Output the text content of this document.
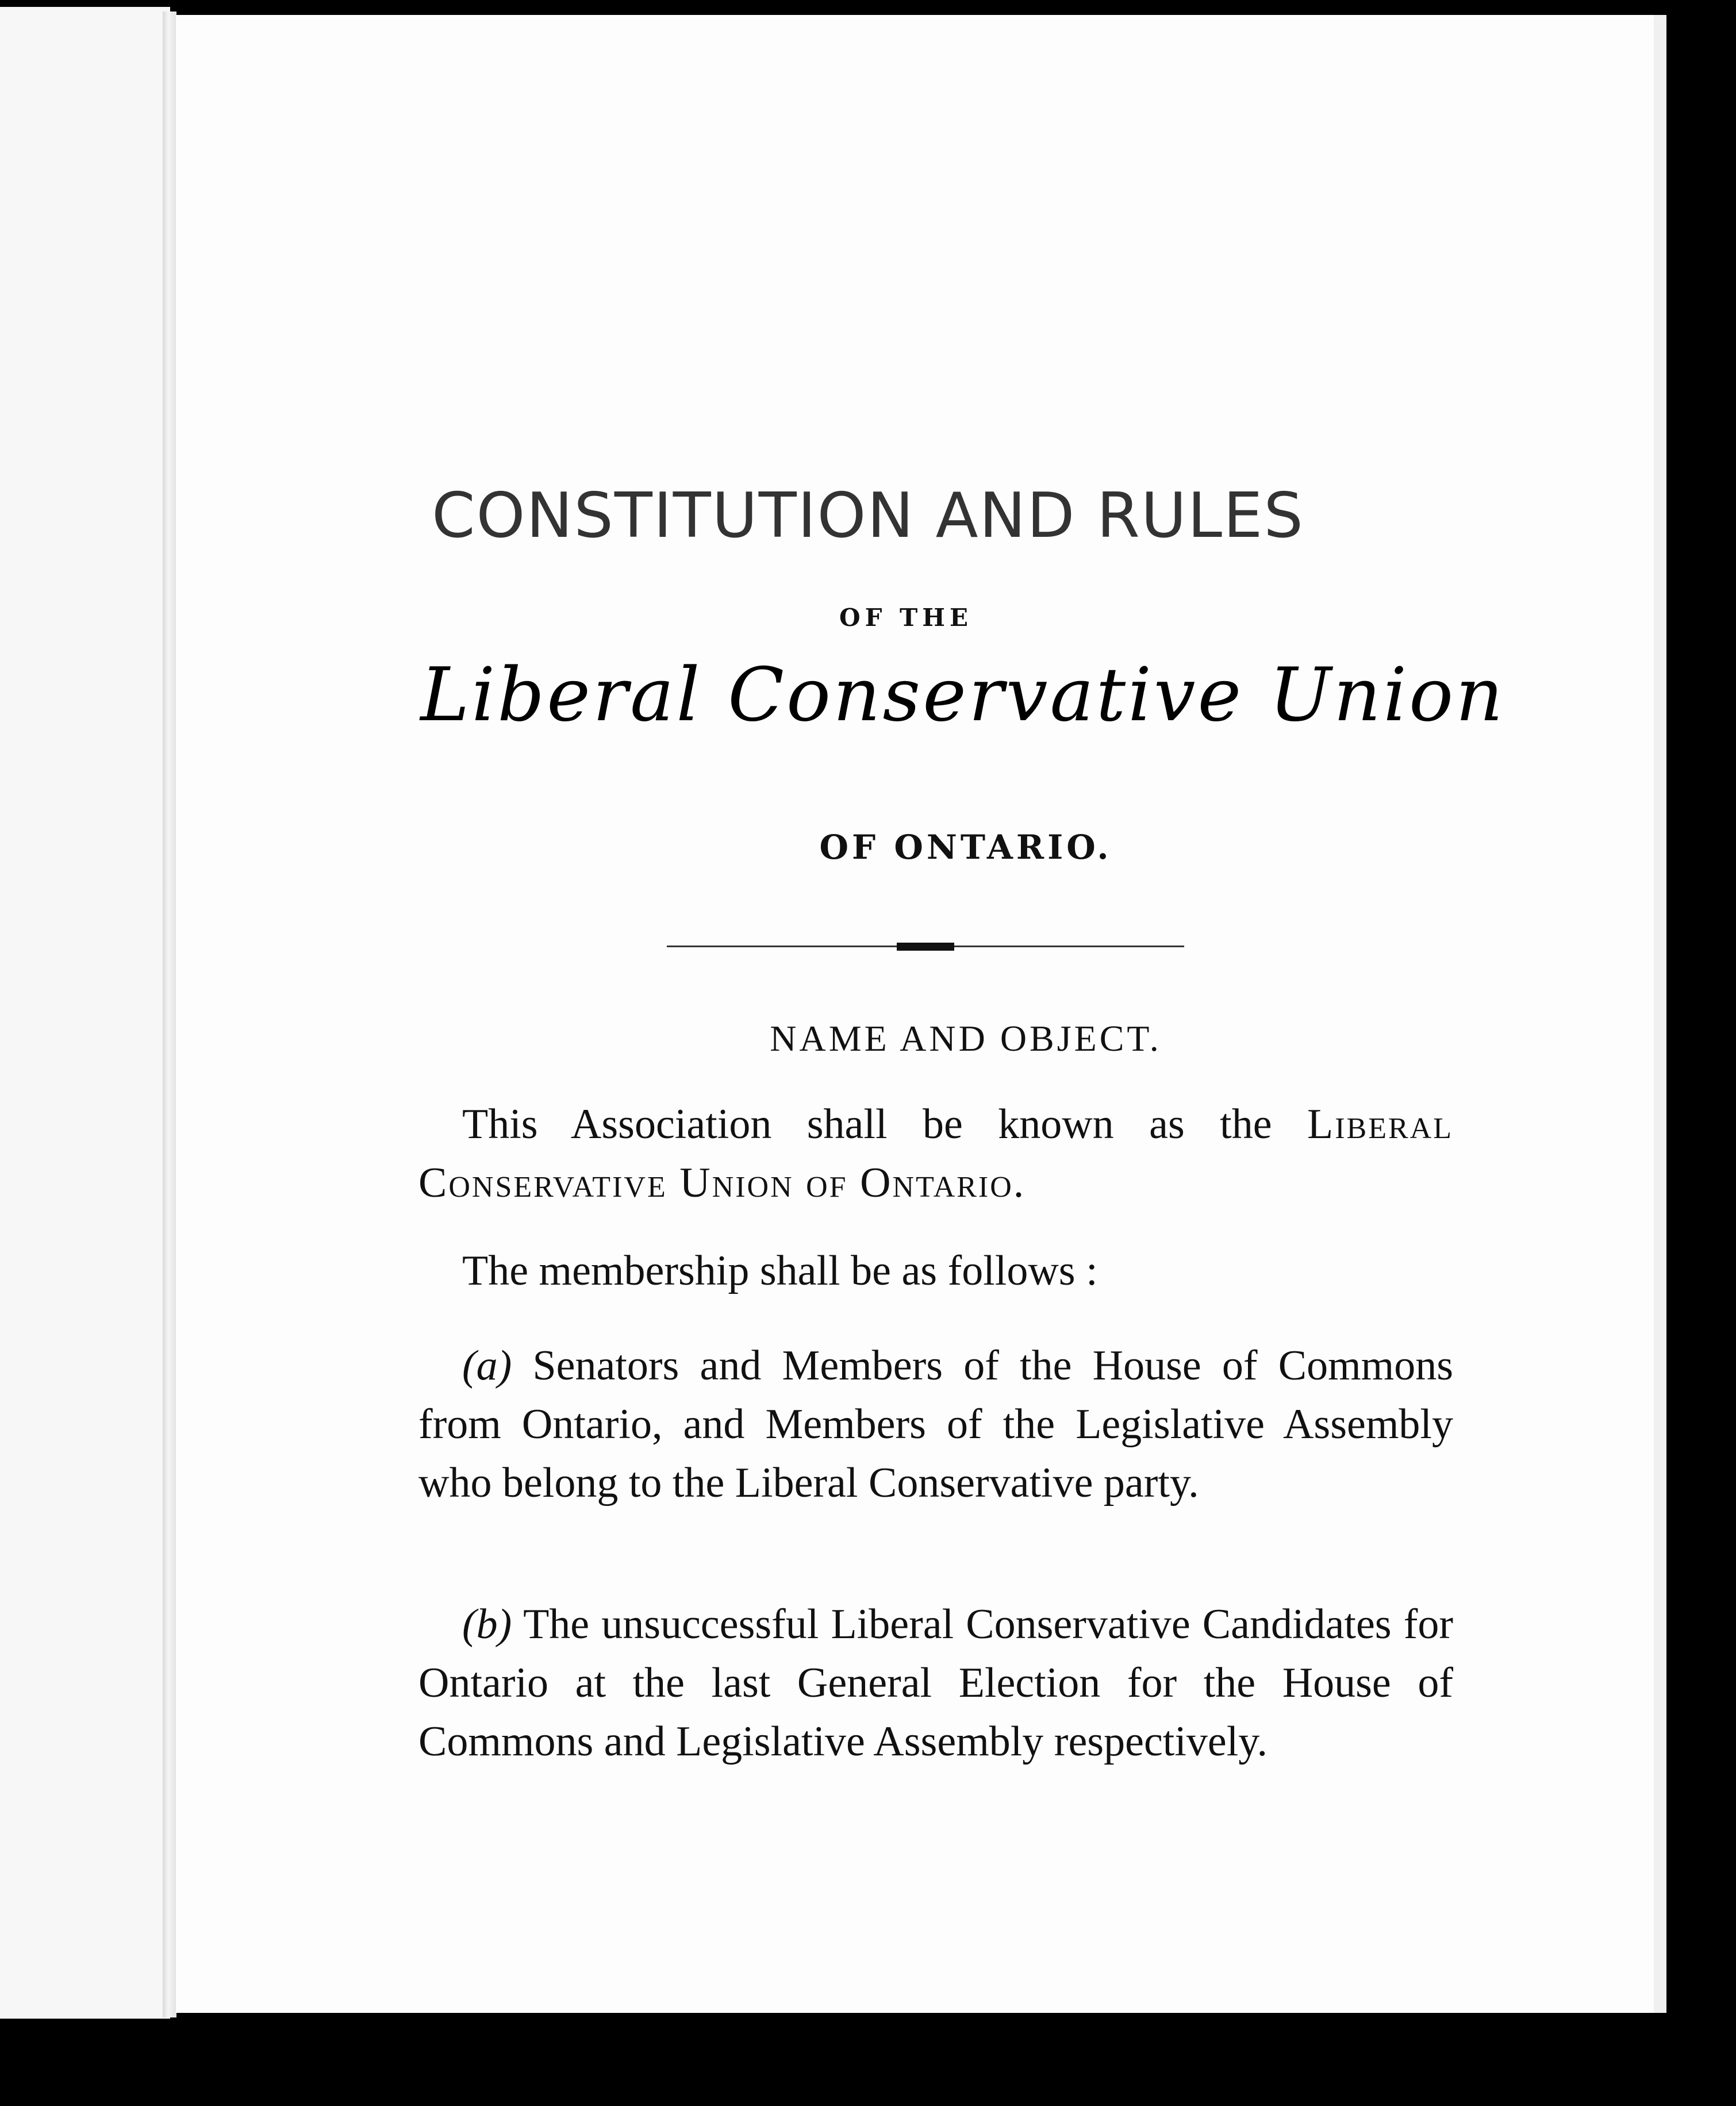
CONSTITUTION AND RULES
OF THE
Liberal Conservative Union
OF ONTARIO.
NAME AND OBJECT.
This Association shall be known as the Liberal Conservative Union of Ontario.
The membership shall be as follows :
(a) Senators and Members of the House of Commons from Ontario, and Members of the Legislative Assembly who belong to the Liberal Conservative party.
(b) The unsuccessful Liberal Conservative Candidates for Ontario at the last General Election for the House of Commons and Legislative Assembly respectively.
